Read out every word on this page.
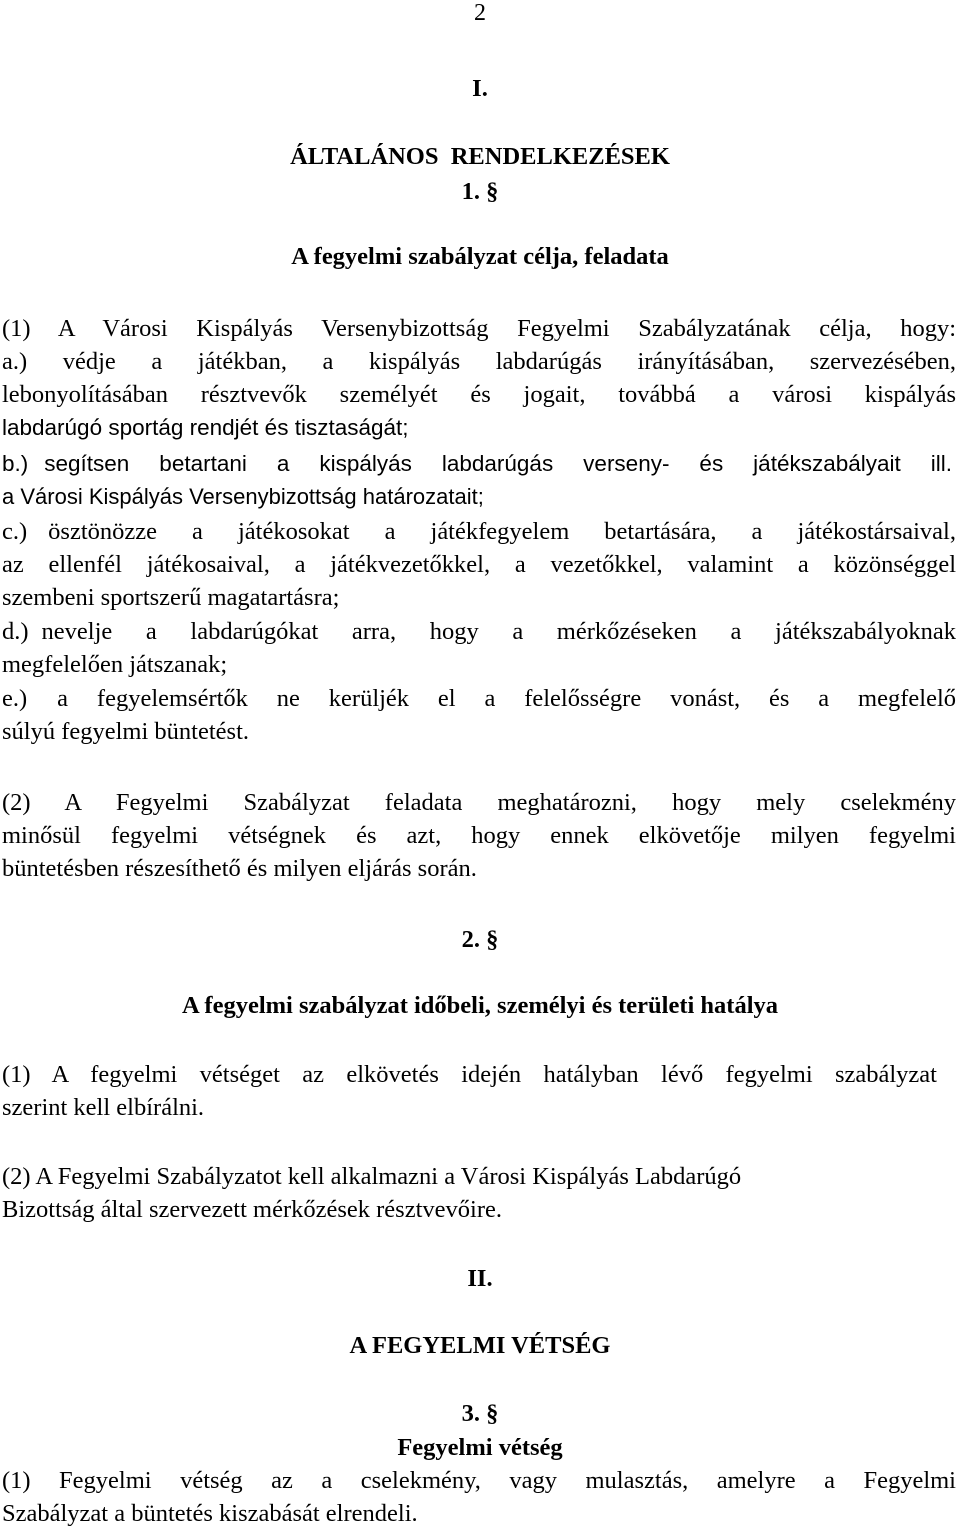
2
I.
ÁLTALÁNOS  RENDELKEZÉSEK
1. §
A fegyelmi szabályzat célja, feladata
(1) A Városi Kispályás Versenybizottság Fegyelmi Szabályzatának célja, hogy:
a.) védje a játékban, a kispályás labdarúgás irányításában, szervezésében,
lebonyolításában résztvevők személyét és jogait, továbbá a városi kispályás
labdarúgó sportág rendjét és tisztaságát;
b.) segítsen betartani a kispályás labdarúgás verseny- és játékszabályait ill.
a Városi Kispályás Versenybizottság határozatait;
c.) ösztönözze a játékosokat a játékfegyelem betartására, a játékostársaival,
az ellenfél játékosaival, a játékvezetőkkel, a vezetőkkel, valamint a közönséggel
szembeni sportszerű magatartásra;
d.) nevelje a labdarúgókat arra, hogy a mérkőzéseken a játékszabályoknak
megfelelően játszanak;
e.) a fegyelemsértők ne kerüljék el a felelősségre vonást, és a megfelelő
súlyú fegyelmi büntetést.
(2) A Fegyelmi Szabályzat feladata meghatározni, hogy mely cselekmény
minősül fegyelmi vétségnek és azt, hogy ennek elkövetője milyen fegyelmi
büntetésben részesíthető és milyen eljárás során.
2. §
A fegyelmi szabályzat időbeli, személyi és területi hatálya
(1) A fegyelmi vétséget az elkövetés idején hatályban lévő fegyelmi szabályzat
szerint kell elbírálni.
(2) A Fegyelmi Szabályzatot kell alkalmazni a Városi Kispályás Labdarúgó
Bizottság által szervezett mérkőzések résztvevőire.
II.
A FEGYELMI VÉTSÉG
3. §
Fegyelmi vétség
(1) Fegyelmi vétség az a cselekmény, vagy mulasztás, amelyre a Fegyelmi
Szabályzat a büntetés kiszabását elrendeli.
